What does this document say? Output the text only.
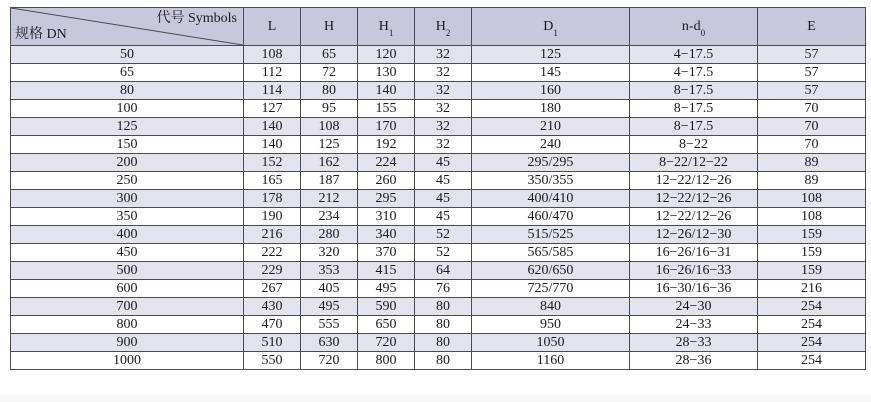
代号 Symbols
规格 DN	L	H	$H_1$	$H_2$	$D_1$	$n-d_0$	E
50	108	65	120	32	125	4−17.5	57
65	112	72	130	32	145	4−17.5	57
80	114	80	140	32	160	8−17.5	57
100	127	95	155	32	180	8−17.5	70
125	140	108	170	32	210	8−17.5	70
150	140	125	192	32	240	8−22	70
200	152	162	224	45	295/295	8−22/12−22	89
250	165	187	260	45	350/355	12−22/12−26	89
300	178	212	295	45	400/410	12−22/12−26	108
350	190	234	310	45	460/470	12−22/12−26	108
400	216	280	340	52	515/525	12−26/12−30	159
450	222	320	370	52	565/585	16−26/16−31	159
500	229	353	415	64	620/650	16−26/16−33	159
600	267	405	495	76	725/770	16−30/16−36	216
700	430	495	590	80	840	24−30	254
800	470	555	650	80	950	24−33	254
900	510	630	720	80	1050	28−33	254
1000	550	720	800	80	1160	28−36	254
